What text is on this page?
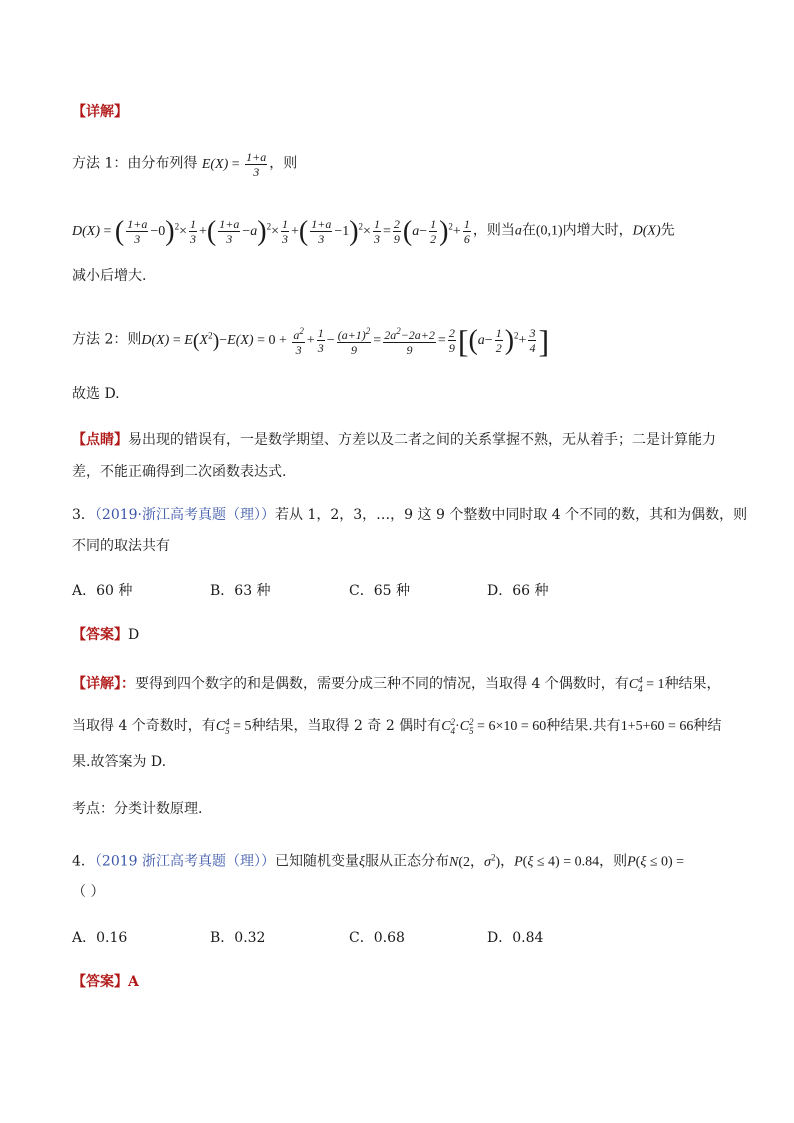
【详解】
方法 1：由分布列得 $E(X) = \frac{1+a}{3}$ ，则
D(X) = ( $\frac{1+a}{3} -0)^2\times \frac{1}{3}$ +( $\frac{1+a}{3} -a)^2\times \frac{1}{3}$ +( $\frac{1+a}{3} -1)^2\times \frac{1}{3} = \frac{2}{9} (a- \frac{1}{2} )^2+ \frac{1}{6}$ ，则当a在(0,1)内增大时，D(X)先
减小后增大.
方法 2：则$D(X) = E(X^2)-E(X) = 0 + \frac{a^2}{3} + \frac{1}{3} - \frac{(a+1)^2}{9} = \frac{2a^2-2a+2}{9} = \frac{2}{9} [(a- \frac{1}{2} )^2+ \frac{3}{4}$ ]
故选 D.
【点睛】易出现的错误有，一是数学期望、方差以及二者之间的关系掌握不熟，无从着手；二是计算能力
差，不能正确得到二次函数表达式.
3．（2019·浙江高考真题（理））若从 1，2，3，…，9 这 9 个整数中同时取 4 个不同的数，其和为偶数，则
不同的取法共有
A．60 种	B．63 种	C．65 种	D．66 种
【答案】D
【详解】：要得到四个数字的和是偶数，需要分成三种不同的情况，当取得 4 个偶数时，有C4
4 = 1种结果，
当取得 4 个奇数时，有C4
5 = 5种结果，当取得 2 奇 2 偶时有C2
4·C2
5 = 6×10 = 60种结果.共有1+5+60 = 66种结
果.故答案为 D.
考点：分类计数原理.
4．（2019 浙江高考真题（理））已知随机变量ξ服从正态分布N(2，$\sigma^2$)，P(ξ ≤ 4) = 0.84，则P(ξ ≤ 0) =
（ ）
A．0.16	B．0.32	C．0.68	D．0.84
【答案】A
